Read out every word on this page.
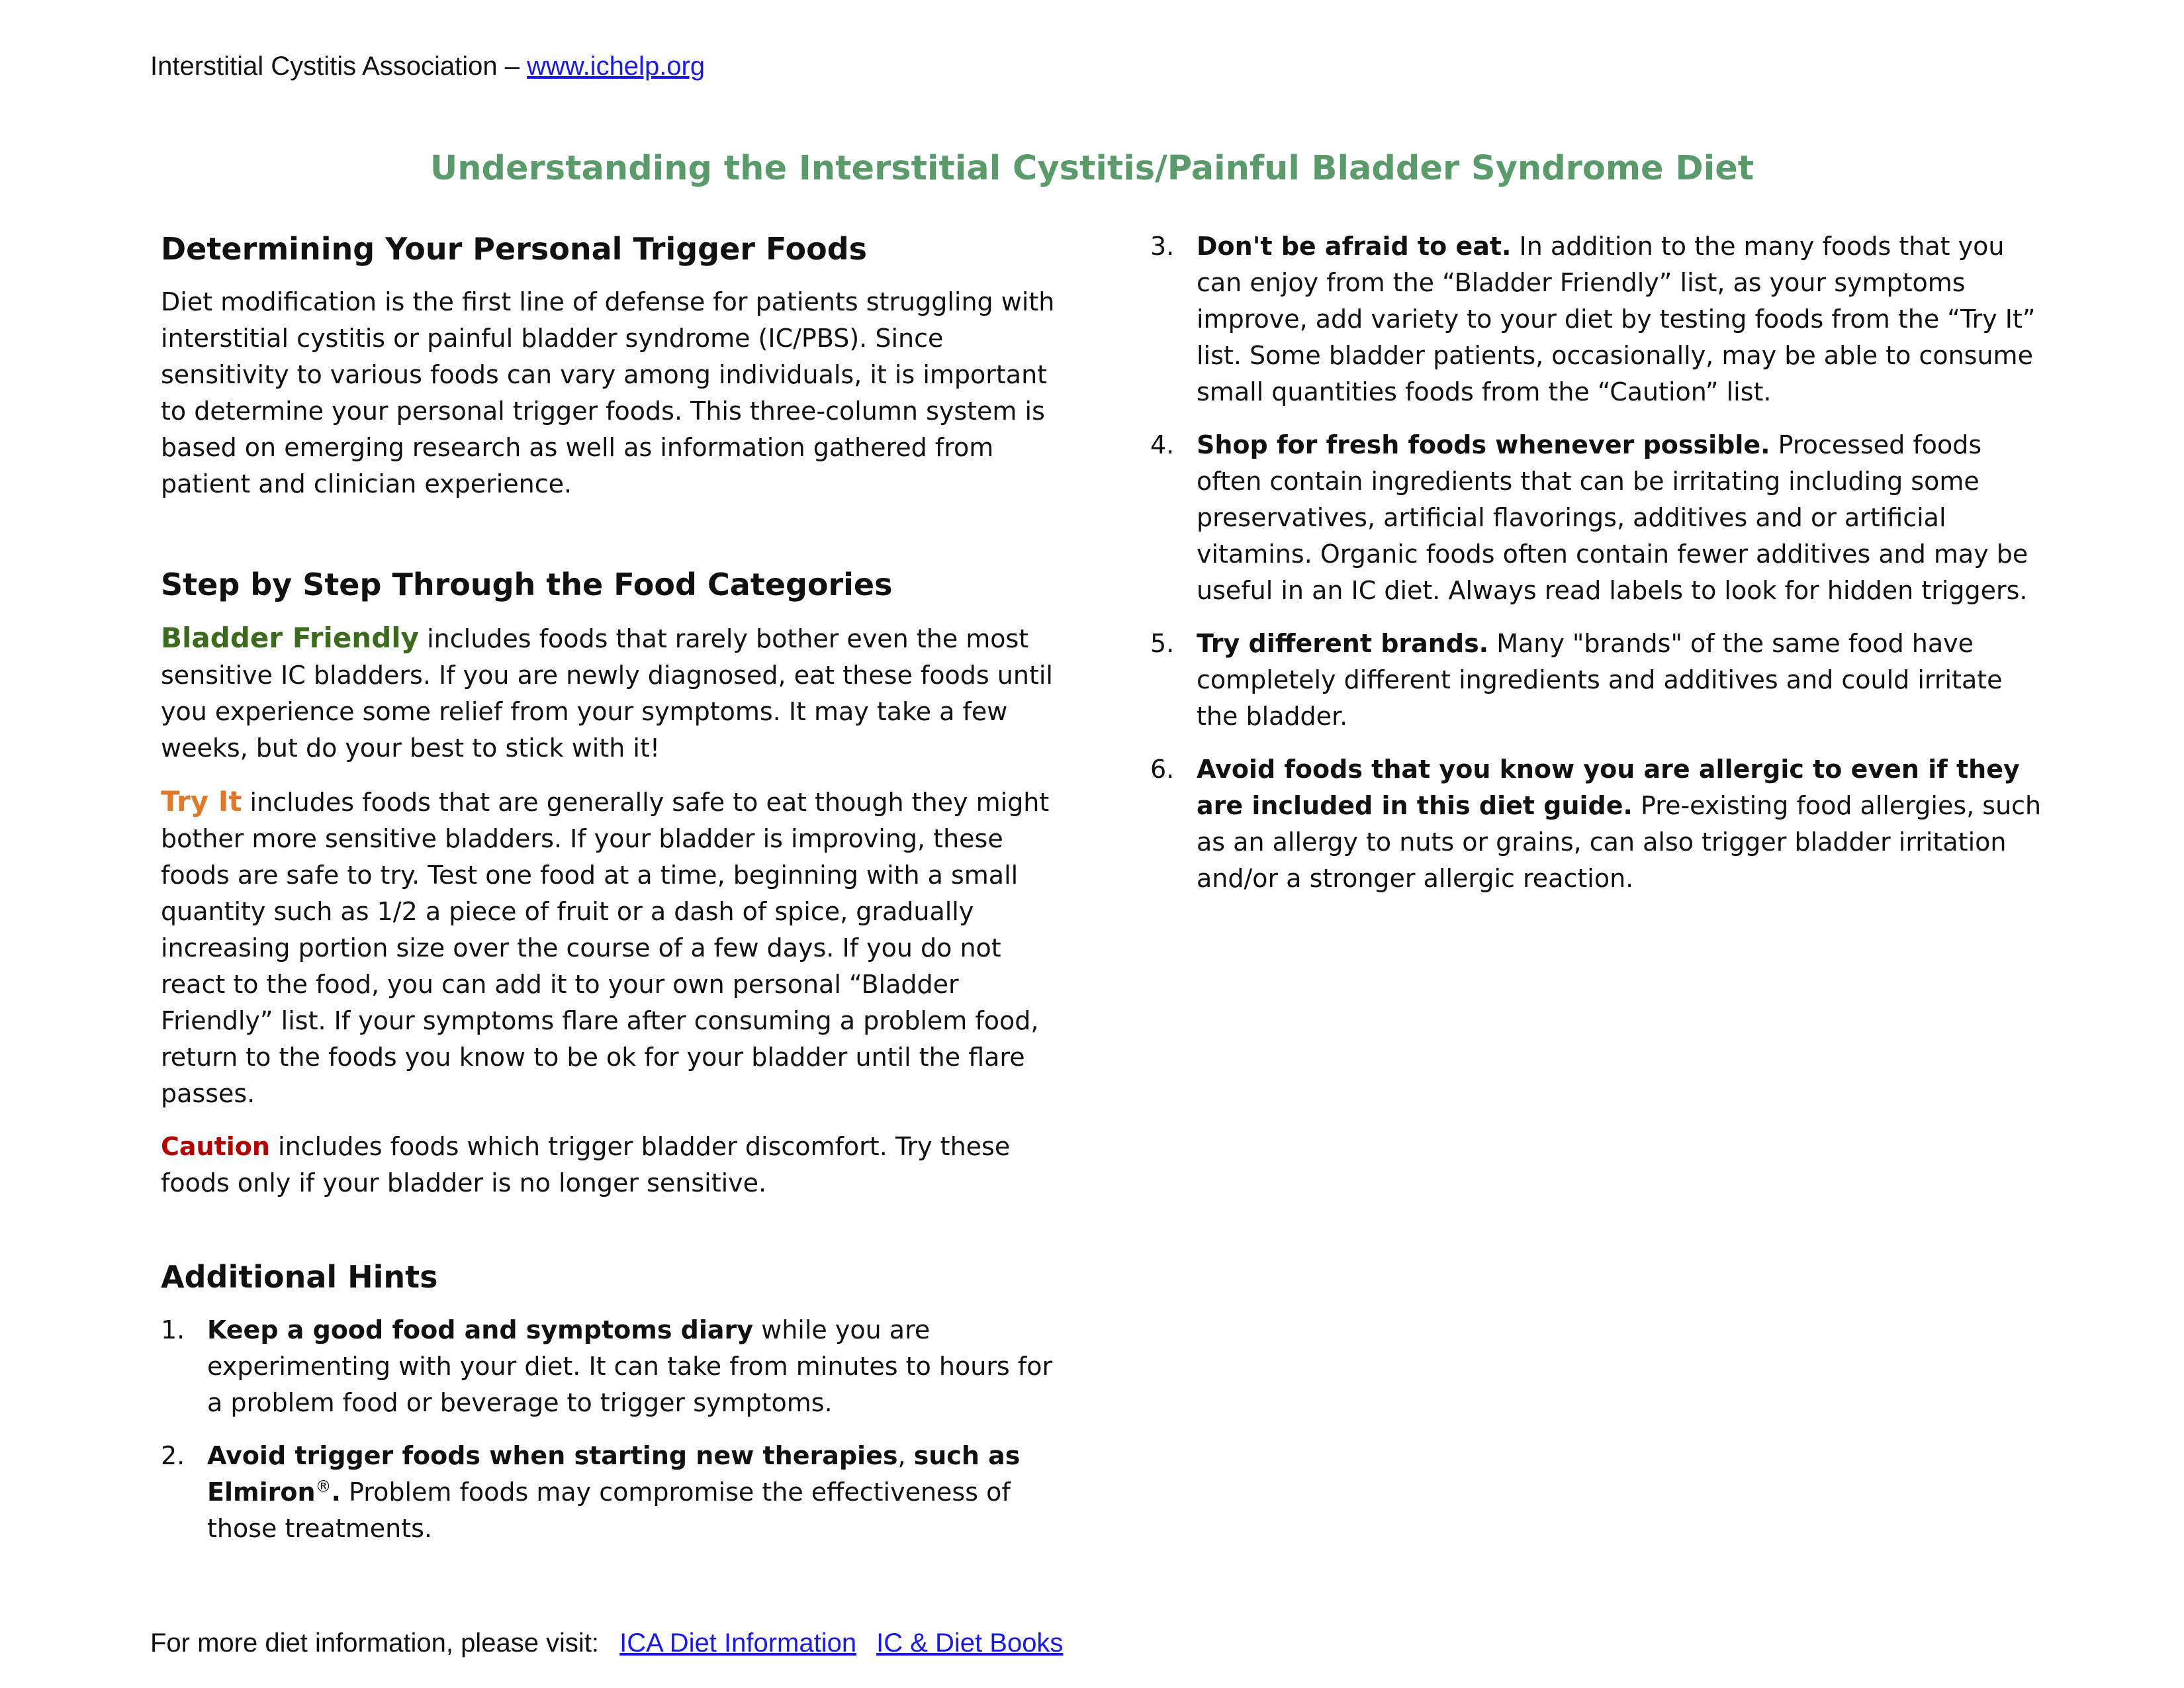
Interstitial Cystitis Association – www.ichelp.org
Understanding the Interstitial Cystitis/Painful Bladder Syndrome Diet
Determining Your Personal Trigger Foods

Diet modification is the first line of defense for patients struggling with interstitial cystitis or painful bladder syndrome (IC/PBS). Since sensitivity to various foods can vary among individuals, it is important to determine your personal trigger foods. This three-column system is based on emerging research as well as information gathered from patient and clinician experience.

Step by Step Through the Food Categories

Bladder Friendly includes foods that rarely bother even the most sensitive IC bladders. If you are newly diagnosed, eat these foods until you experience some relief from your symptoms. It may take a few weeks, but do your best to stick with it!

Try It includes foods that are generally safe to eat though they might bother more sensitive bladders. If your bladder is improving, these foods are safe to try. Test one food at a time, beginning with a small quantity such as 1/2 a piece of fruit or a dash of spice, gradually increasing portion size over the course of a few days. If you do not react to the food, you can add it to your own personal “Bladder Friendly” list. If your symptoms flare after consuming a problem food, return to the foods you know to be ok for your bladder until the flare passes.

Caution includes foods which trigger bladder discomfort. Try these foods only if your bladder is no longer sensitive.

Additional Hints
1. Keep a good food and symptoms diary while you are experimenting with your diet. It can take from minutes to hours for a problem food or beverage to trigger symptoms.
2. Avoid trigger foods when starting new therapies, such as Elmiron®. Problem foods may compromise the effectiveness of those treatments.
3. Don't be afraid to eat. In addition to the many foods that you can enjoy from the “Bladder Friendly” list, as your symptoms improve, add variety to your diet by testing foods from the “Try It” list. Some bladder patients, occasionally, may be able to consume small quantities foods from the “Caution” list.
4. Shop for fresh foods whenever possible. Processed foods often contain ingredients that can be irritating including some preservatives, artificial flavorings, additives and or artificial vitamins. Organic foods often contain fewer additives and may be useful in an IC diet. Always read labels to look for hidden triggers.
5. Try different brands. Many "brands" of the same food have completely different ingredients and additives and could irritate the bladder.
6. Avoid foods that you know you are allergic to even if they are included in this diet guide. Pre-existing food allergies, such as an allergy to nuts or grains, can also trigger bladder irritation and/or a stronger allergic reaction.
For more diet information, please visit: ICA Diet Information IC & Diet Books
